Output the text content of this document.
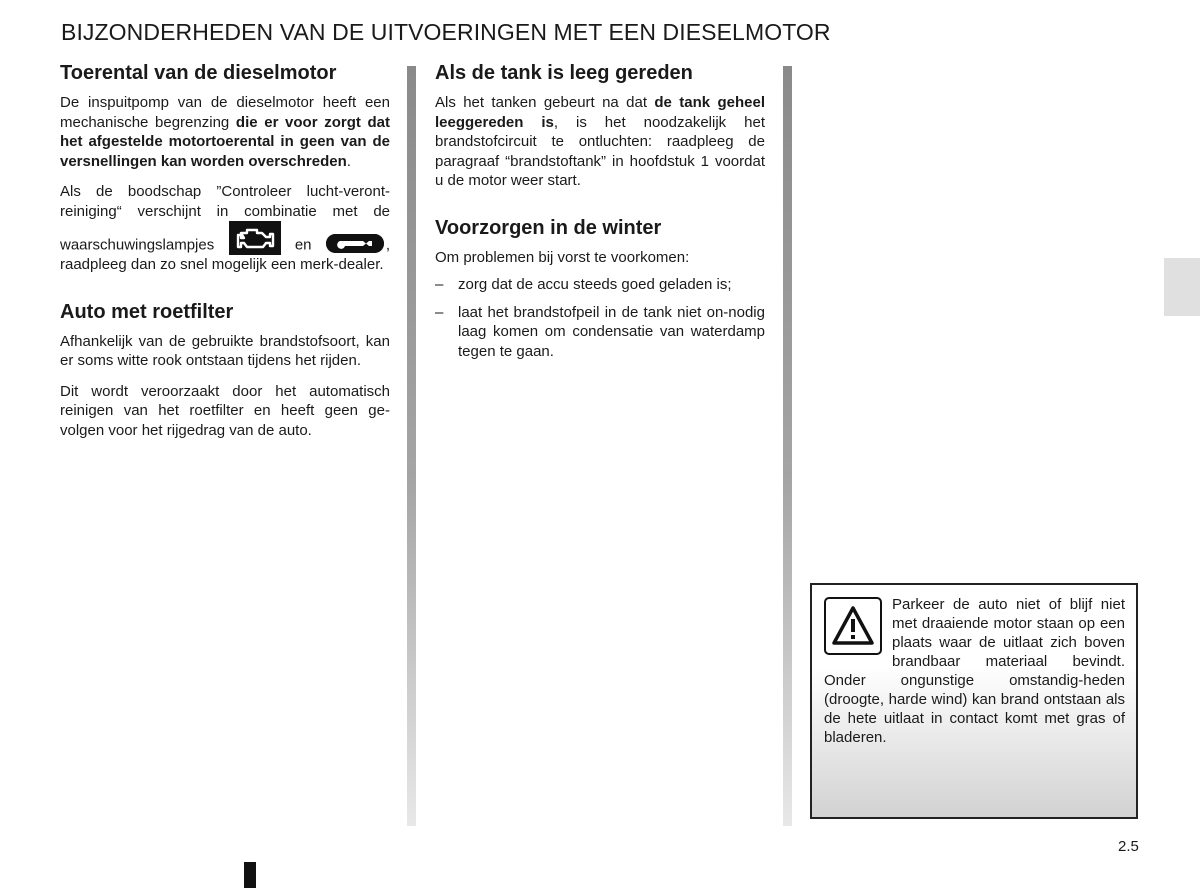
BIJZONDERHEDEN VAN DE UITVOERINGEN MET EEN DIESELMOTOR
Toerental van de dieselmotor

De inspuitpomp van de dieselmotor heeft een mechanische begrenzing die er voor zorgt dat het afgestelde motortoerental in geen van de versnellingen kan worden overschreden.

Als de boodschap ”Controleer lucht-veront-reiniging“ verschijnt in combinatie met de waarschuwingslampjes	en	, raadpleeg dan zo snel mogelijk een merk-dealer.

Auto met roetfilter

Afhankelijk van de gebruikte brandstofsoort, kan er soms witte rook ontstaan tijdens het rijden.

Dit wordt veroorzaakt door het automatisch reinigen van het roetfilter en heeft geen ge-volgen voor het rijgedrag van de auto.

Als de tank is leeg gereden

Als het tanken gebeurt na dat de tank geheel leeggereden is, is het noodzakelijk het brandstofcircuit te ontluchten: raadpleeg de paragraaf “brandstoftank” in hoofdstuk 1 voordat u de motor weer start.

Voorzorgen in de winter

Om problemen bij vorst te voorkomen:

– zorg dat de accu steeds goed geladen is;
– laat het brandstofpeil in de tank niet on-nodig laag komen om condensatie van waterdamp tegen te gaan.

Parkeer de auto niet of blijf niet met draaiende motor staan op een plaats waar de uitlaat zich boven brandbaar materiaal bevindt. Onder ongunstige omstandig-heden (droogte, harde wind) kan brand ontstaan als de hete uitlaat in contact komt met gras of bladeren.

2.5
